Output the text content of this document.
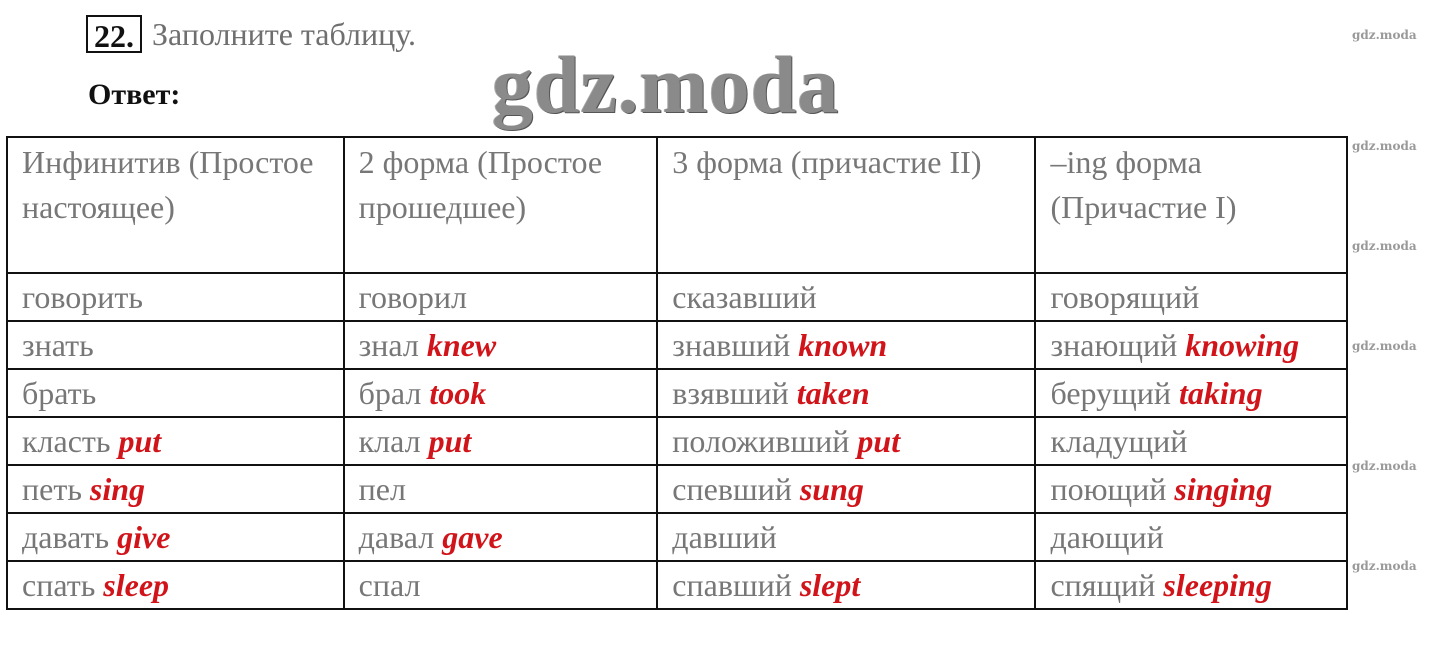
22. Заполните таблицу.
Ответ:	gdz.moda
gdz.moda
gdz.moda
gdz.moda
gdz.moda
gdz.moda
gdz.moda
Инфинитив (Простое настоящее)	2 форма (Простое прошедшее)	3 форма (причастие II)	–ing форма (Причастие I)
говорить	говорил	сказавший	говорящий
знать	знал knew	знавший known	знающий knowing
брать	брал took	взявший taken	берущий taking
класть put	клал put	положивший put	кладущий
петь sing	пел	спевший sung	поющий singing
давать give	давал gave	давший	дающий
спать sleep	спал	спавший slept	спящий sleeping
